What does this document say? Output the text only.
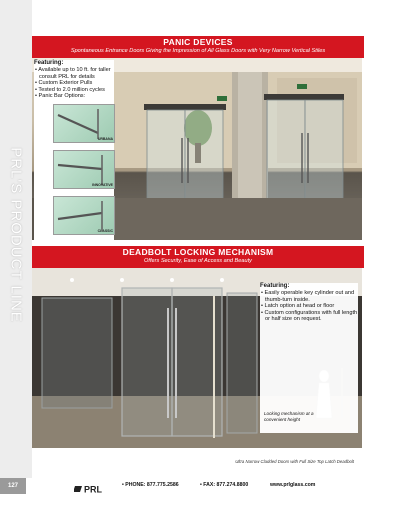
PRL'S PRODUCT LINE
PANIC DEVICES
Spontaneous Entrance Doors Giving the Impression of All Glass Doors with Very Narrow Vertical Stiles
Featuring:
• Available up to 10 ft. for taller consult PRL for details
• Custom Exterior Pulls
• Tested to 2.0 million cycles
• Panic Bar Options:
URBANA
INNOVATIVE
CLASSIC
DEADBOLT LOCKING MECHANISM
Offers Security, Ease of Access and Beauty
Featuring:
• Easily operable key cylinder out and thumb-turn inside.
• Latch option at head or floor
• Custom configurations with full length or half size on request.
Locking mechanism at a convenient height
Ultra Narrow Cladded Doors with Full Size Top Latch Deadbolt
127	PRL	• PHONE: 877.775.2586	• FAX: 877.274.8800	www.prlglass.com
